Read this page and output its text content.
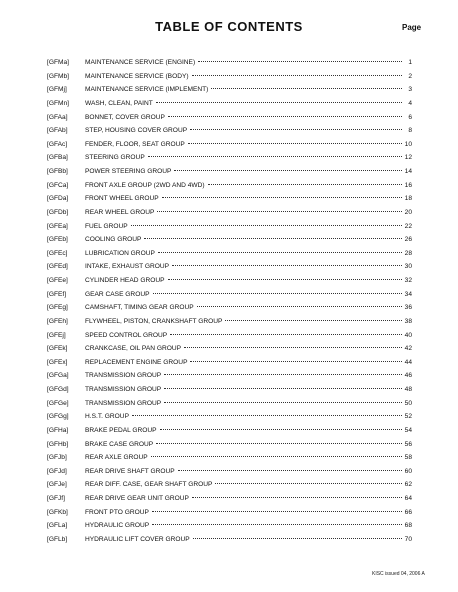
TABLE OF CONTENTS	Page
[GFMa] MAINTENANCE SERVICE (ENGINE)	1
[GFMb] MAINTENANCE SERVICE (BODY)	2
[GFMj]	MAINTENANCE SERVICE (IMPLEMENT)	3
[GFMn] WASH, CLEAN, PAINT	4
[GFAa]	BONNET, COVER GROUP	6
[GFAb]	STEP, HOUSING COVER GROUP	8
[GFAc]	FENDER, FLOOR, SEAT GROUP	10
[GFBa]	STEERING GROUP	12
[GFBb]	POWER STEERING GROUP	14
[GFCa]	FRONT AXLE GROUP (2WD AND 4WD)	16
[GFDa]	FRONT WHEEL GROUP	18
[GFDb]	REAR WHEEL GROUP	20
[GFEa]	FUEL GROUP	22
[GFEb]	COOLING GROUP	26
[GFEc]	LUBRICATION GROUP	28
[GFEd]	INTAKE, EXHAUST GROUP	30
[GFEe]	CYLINDER HEAD GROUP	32
[GFEf]	GEAR CASE GROUP	34
[GFEg]	CAMSHAFT, TIMING GEAR GROUP	36
[GFEh]	FLYWHEEL, PISTON, CRANKSHAFT GROUP	38
[GFEj]	SPEED CONTROL GROUP	40
[GFEk]	CRANKCASE, OIL PAN GROUP	42
[GFEx]	REPLACEMENT ENGINE GROUP	44
[GFGa] TRANSMISSION GROUP	46
[GFGd] TRANSMISSION GROUP	48
[GFGe] TRANSMISSION GROUP	50
[GFGg] H.S.T. GROUP	52
[GFHa]	BRAKE PEDAL GROUP	54
[GFHb]	BRAKE CASE GROUP	56
[GFJb]	REAR AXLE GROUP	58
[GFJd]	REAR DRIVE SHAFT GROUP	60
[GFJe]	REAR DIFF. CASE, GEAR SHAFT GROUP	62
[GFJf]	REAR DRIVE GEAR UNIT GROUP	64
[GFKb]	FRONT PTO GROUP	66
[GFLa]	HYDRAULIC GROUP	68
[GFLb]	HYDRAULIC LIFT COVER GROUP	70
KISC issued 04, 2006 A
